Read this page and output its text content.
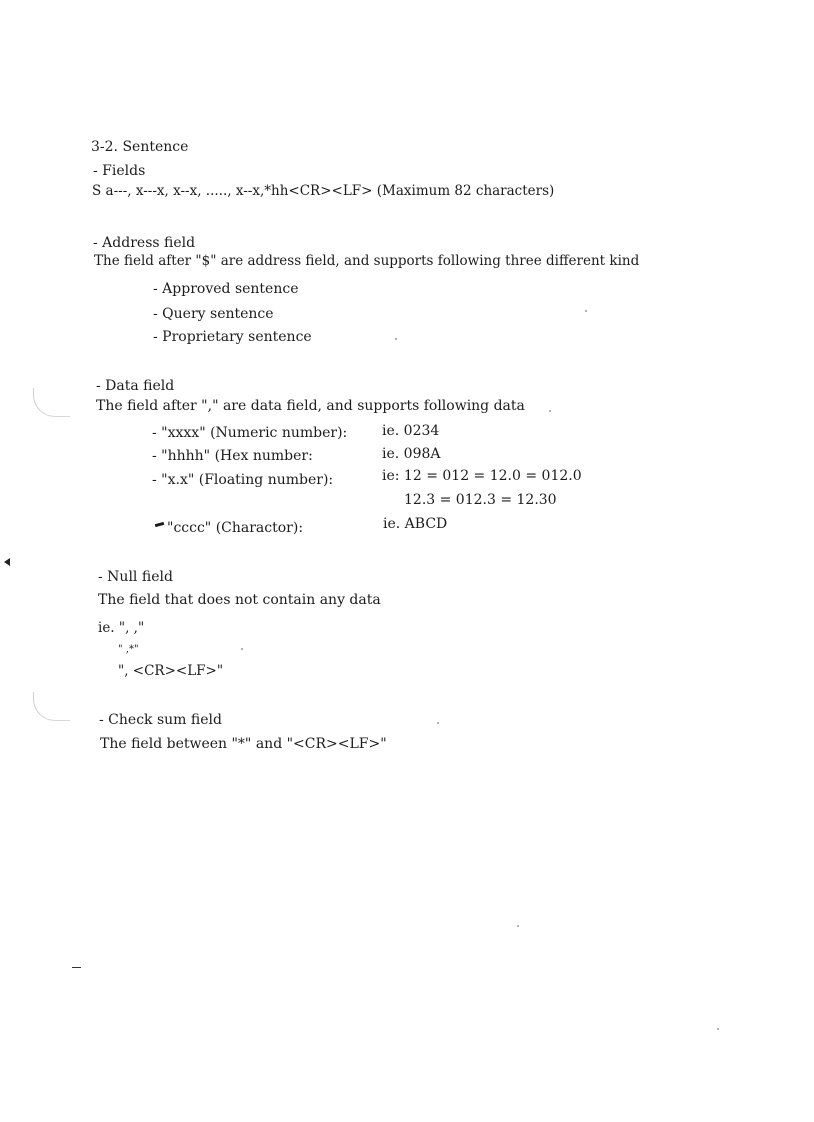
3-2. Sentence
- Fields
S a---, x---x, x--x, ....., x--x,*hh<CR><LF> (Maximum 82 characters)
- Address field
The field after "$" are address field, and supports following three different kind
- Approved sentence
- Query sentence
- Proprietary sentence
- Data field
The field after "," are data field, and supports following data
- "xxxx" (Numeric number): ie. 0234
- "hhhh" (Hex number:	ie. 098A
- "x.x" (Floating number):	ie: 12 = 012 = 12.0 = 012.0
12.3 = 012.3 = 12.30
"cccc" (Charactor):	ie. ABCD
- Null field
The field that does not contain any data
ie. ", ,"
" ,*"
", <CR><LF>"
- Check sum field
The field between "*" and "<CR><LF>"
